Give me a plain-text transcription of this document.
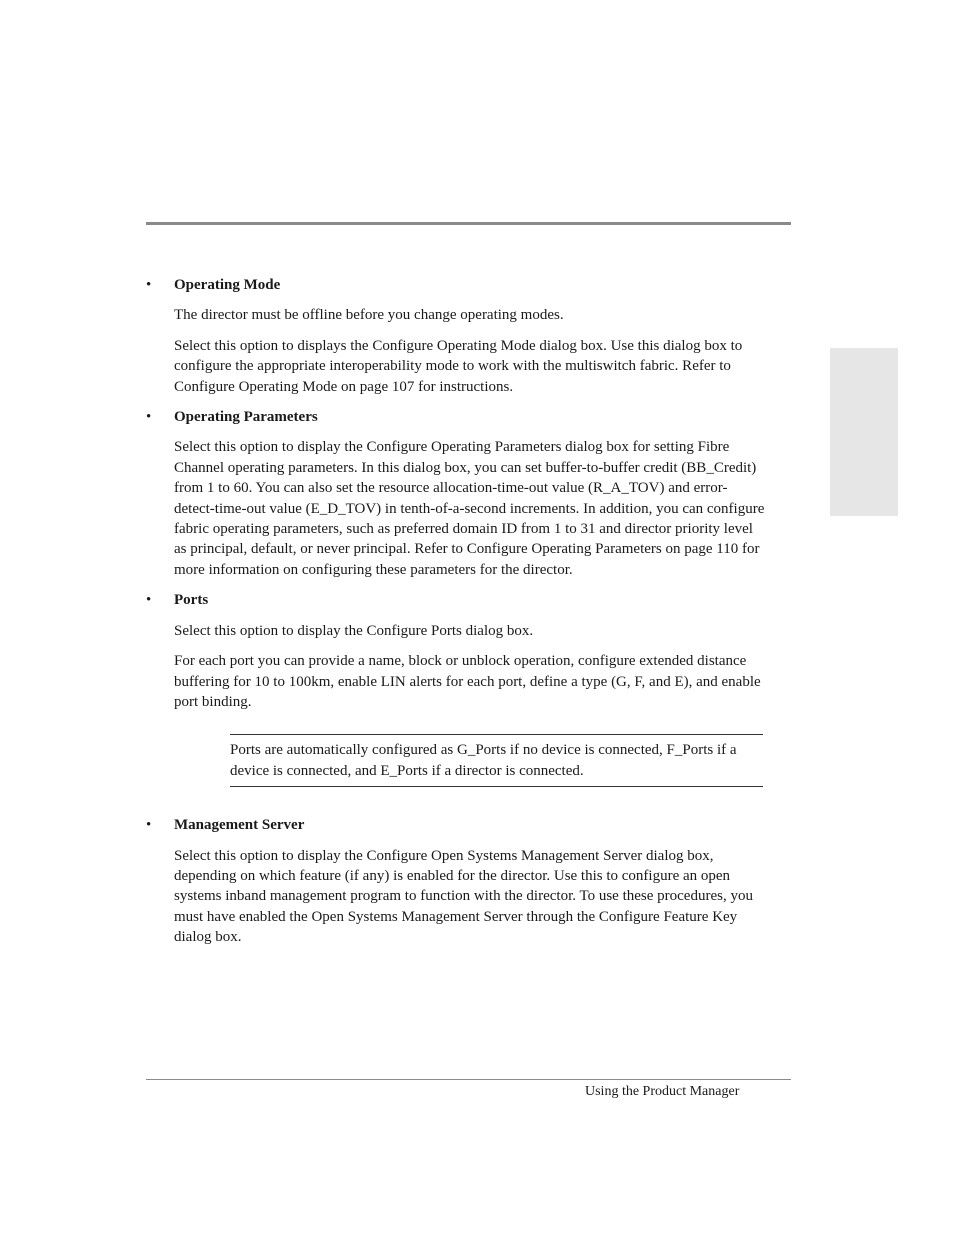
•	Operating Mode

The director must be offline before you change operating modes.

Select this option to displays the Configure Operating Mode dialog box. Use this dialog box to configure the appropriate interoperability mode to work with the multiswitch fabric. Refer to Configure Operating Mode on page 107 for instructions.

•	Operating Parameters

Select this option to display the Configure Operating Parameters dialog box for setting Fibre Channel operating parameters. In this dialog box, you can set buffer-to-buffer credit (BB_Credit) from 1 to 60. You can also set the resource allocation-time-out value (R_A_TOV) and error-detect-time-out value (E_D_TOV) in tenth-of-a-second increments. In addition, you can configure fabric operating parameters, such as preferred domain ID from 1 to 31 and director priority level as principal, default, or never principal. Refer to Configure Operating Parameters on page 110 for more information on configuring these parameters for the director.

•	Ports

Select this option to display the Configure Ports dialog box.

For each port you can provide a name, block or unblock operation, configure extended distance buffering for 10 to 100km, enable LIN alerts for each port, define a type (G, F, and E), and enable port binding.

Ports are automatically configured as G_Ports if no device is connected, F_Ports if a device is connected, and E_Ports if a director is connected.
•	Management Server

Select this option to display the Configure Open Systems Management Server dialog box, depending on which feature (if any) is enabled for the director. Use this to configure an open systems inband management program to function with the director. To use these procedures, you must have enabled the Open Systems Management Server through the Configure Feature Key dialog box.

Using the Product Manager
